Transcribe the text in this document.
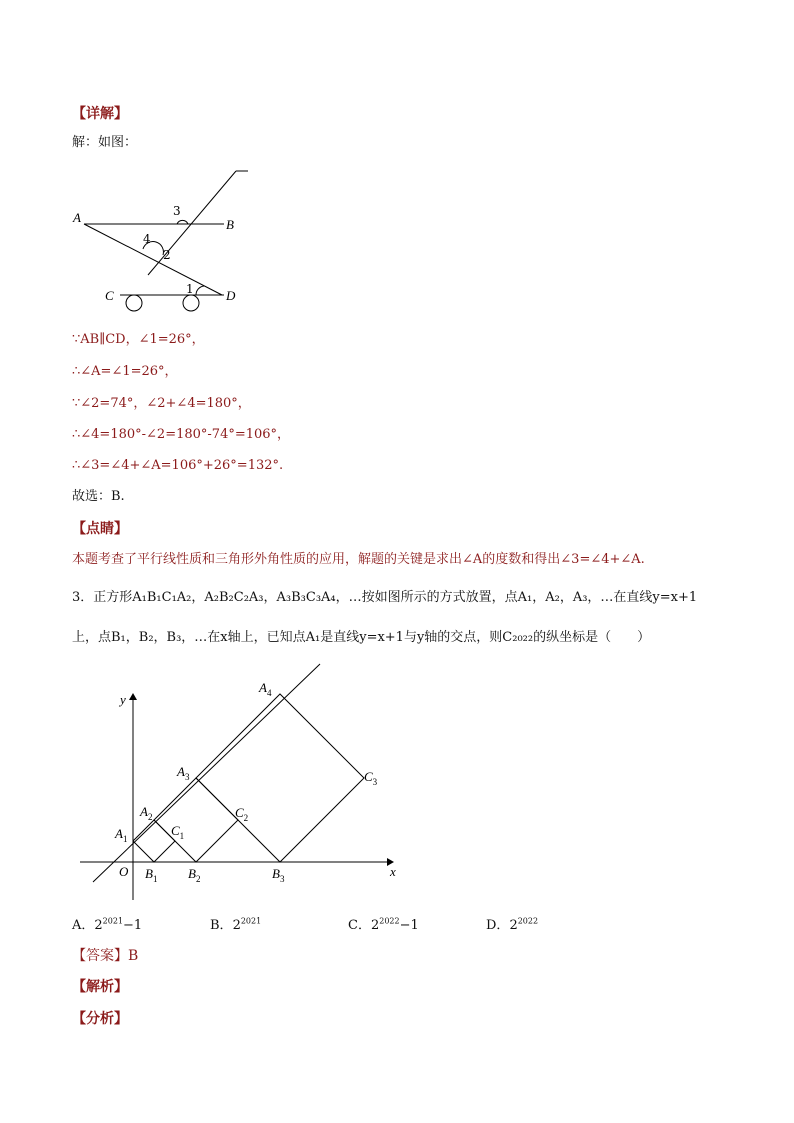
【详解】
解：如图：
A	B
C	D
3
4
2
1
∵AB∥CD，∠1=26°，
∴∠A=∠1=26°，
∵∠2=74°，∠2+∠4=180°，
∴∠4=180°-∠2=180°-74°=106°，
∴∠3=∠4+∠A=106°+26°=132°.
故选：B.
【点睛】
本题考查了平行线性质和三角形外角性质的应用，解题的关键是求出∠A的度数和得出∠3=∠4+∠A.
3．正方形A₁B₁C₁A₂，A₂B₂C₂A₃，A₃B₃C₃A₄，…按如图所示的方式放置，点A₁，A₂，A₃，…在直线y=x+1
上，点B₁，B₂，B₃，…在x轴上，已知点A₁是直线y=x+1与y轴的交点，则C₂₀₂₂的纵坐标是（　　）
y
x
O
$A_1$
$A_2$
$A_3$
$A_4$
$B_1$ $B_2$	$B_3$
$C_1$
$C_2$
$C_3$
A．$2^{2021}-1$	B．$2^{2021}$	C．$2^{2022}-1$	D．$2^{2022}$
【答案】B
【解析】
【分析】
